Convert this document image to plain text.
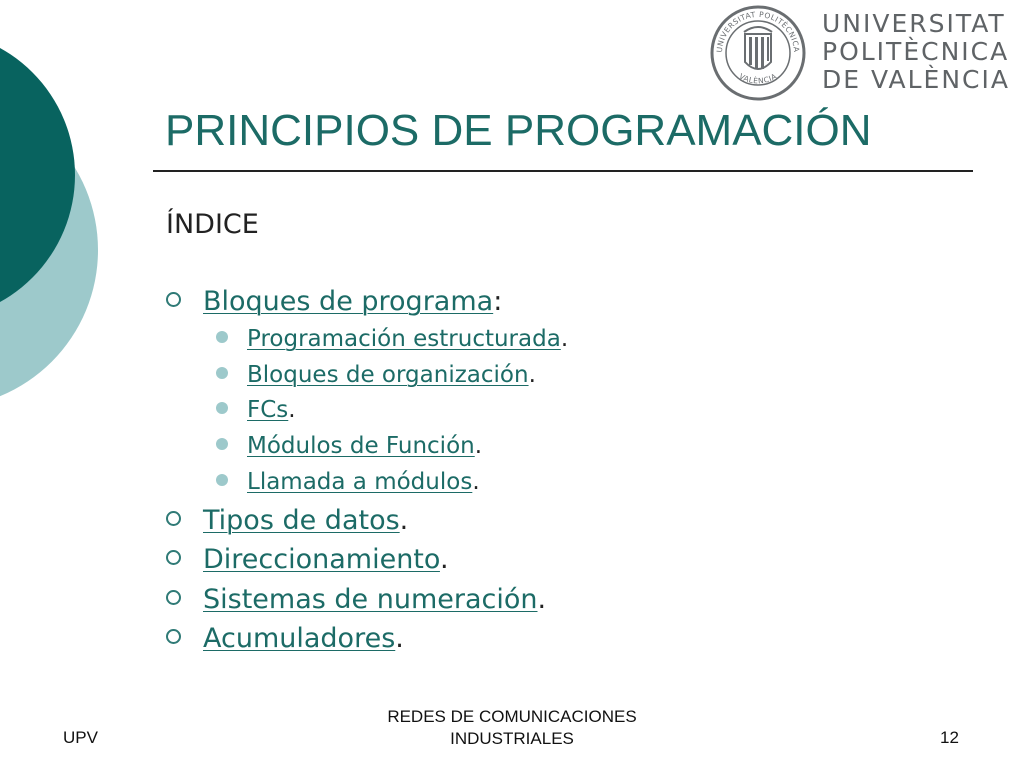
UNIVERSITAT POLITÈCNICA
VALÈNCIA
UNIVERSITAT
POLITÈCNICA
DE VALÈNCIA
PRINCIPIOS DE PROGRAMACIÓN
ÍNDICE
Bloques de programa:
Programación estructurada.
Bloques de organización.
FCs.
Módulos de Función.
Llamada a módulos.
Tipos de datos.
Direccionamiento.
Sistemas de numeración.
Acumuladores.
UPV
REDES DE COMUNICACIONES
INDUSTRIALES	12
